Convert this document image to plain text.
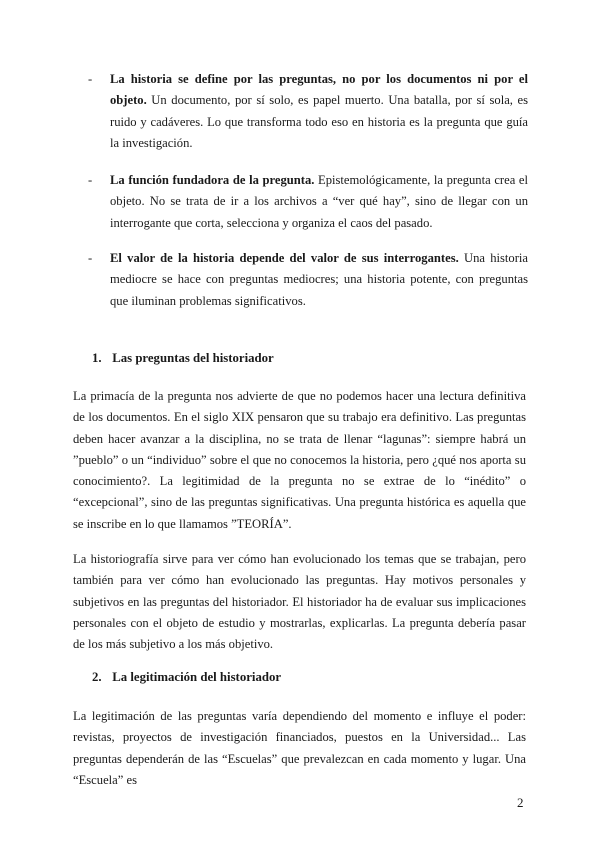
- La historia se define por las preguntas, no por los documentos ni por el objeto. Un documento, por sí solo, es papel muerto. Una batalla, por sí sola, es ruido y cadáveres. Lo que transforma todo eso en historia es la pregunta que guía la investigación.
- La función fundadora de la pregunta. Epistemológicamente, la pregunta crea el objeto. No se trata de ir a los archivos a “ver qué hay”, sino de llegar con un interrogante que corta, selecciona y organiza el caos del pasado.
- El valor de la historia depende del valor de sus interrogantes. Una historia mediocre se hace con preguntas mediocres; una historia potente, con preguntas que iluminan problemas significativos.
1. Las preguntas del historiador
La primacía de la pregunta nos advierte de que no podemos hacer una lectura definitiva de los documentos. En el siglo XIX pensaron que su trabajo era definitivo. Las preguntas deben hacer avanzar a la disciplina, no se trata de llenar “lagunas”: siempre habrá un ”pueblo” o un “individuo” sobre el que no conocemos la historia, pero ¿qué nos aporta su conocimiento?. La legitimidad de la pregunta no se extrae de lo “inédito” o “excepcional”, sino de las preguntas significativas. Una pregunta histórica es aquella que se inscribe en lo que llamamos ”TEORÍA”.
La historiografía sirve para ver cómo han evolucionado los temas que se trabajan, pero también para ver cómo han evolucionado las preguntas. Hay motivos personales y subjetivos en las preguntas del historiador. El historiador ha de evaluar sus implicaciones personales con el objeto de estudio y mostrarlas, explicarlas. La pregunta debería pasar de los más subjetivo a los más objetivo.
2. La legitimación del historiador
La legitimación de las preguntas varía dependiendo del momento e influye el poder: revistas, proyectos de investigación financiados, puestos en la Universidad... Las preguntas dependerán de las “Escuelas” que prevalezcan en cada momento y lugar. Una “Escuela” es
2
